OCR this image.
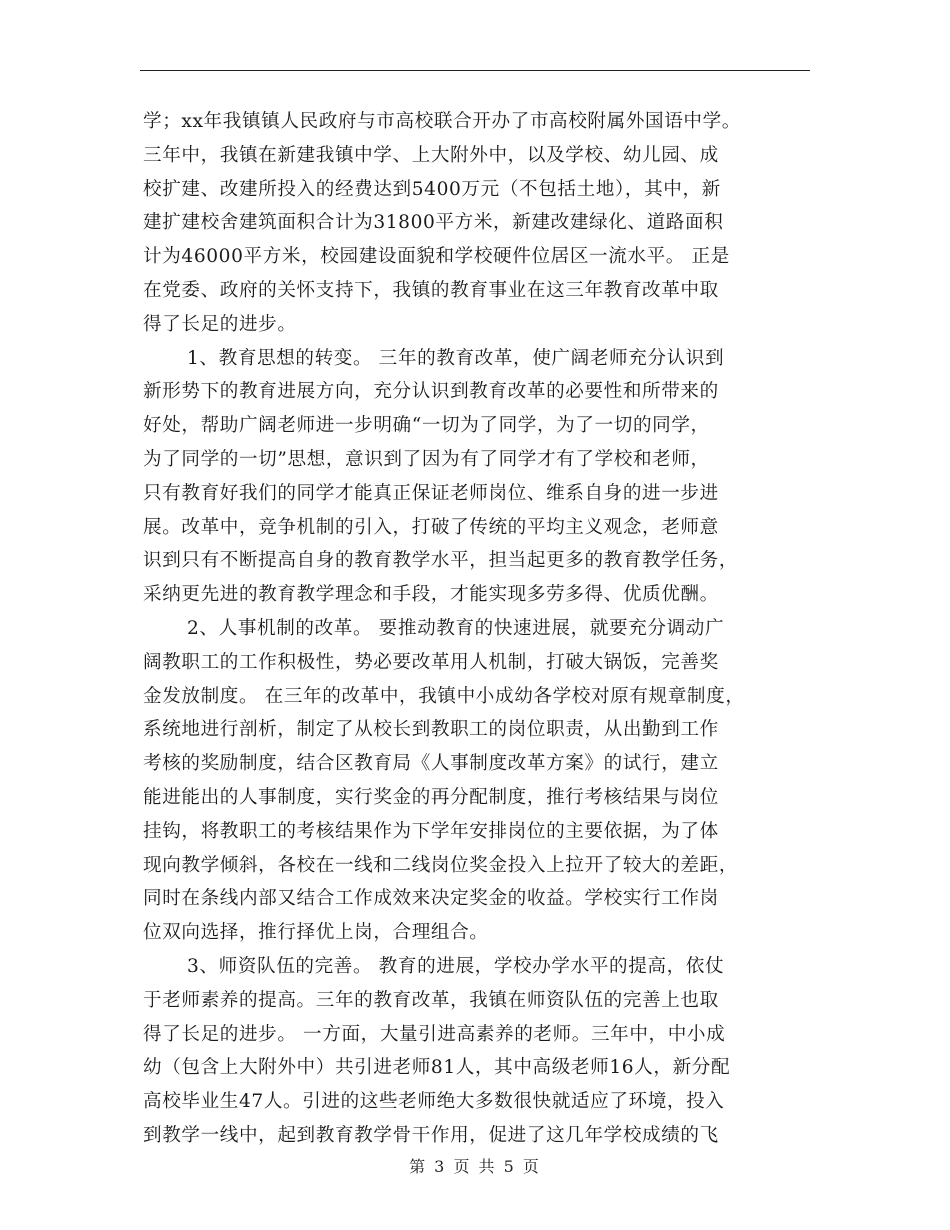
学；xx年我镇镇人民政府与市高校联合开办了市高校附属外国语中学。
三年中，我镇在新建我镇中学、上大附外中，以及学校、幼儿园、成
校扩建、改建所投入的经费达到5400万元（不包括土地），其中，新
建扩建校舍建筑面积合计为31800平方米，新建改建绿化、道路面积
计为46000平方米，校园建设面貌和学校硬件位居区一流水平。 正是
在党委、政府的关怀支持下，我镇的教育事业在这三年教育改革中取
得了长足的进步。
1、教育思想的转变。 三年的教育改革，使广阔老师充分认识到
新形势下的教育进展方向，充分认识到教育改革的必要性和所带来的
好处，帮助广阔老师进一步明确“一切为了同学，为了一切的同学，
为了同学的一切”思想，意识到了因为有了同学才有了学校和老师，
只有教育好我们的同学才能真正保证老师岗位、维系自身的进一步进
展。改革中，竞争机制的引入，打破了传统的平均主义观念，老师意
识到只有不断提高自身的教育教学水平，担当起更多的教育教学任务，
采纳更先进的教育教学理念和手段，才能实现多劳多得、优质优酬。
2、人事机制的改革。 要推动教育的快速进展，就要充分调动广
阔教职工的工作积极性，势必要改革用人机制，打破大锅饭，完善奖
金发放制度。 在三年的改革中，我镇中小成幼各学校对原有规章制度，
系统地进行剖析，制定了从校长到教职工的岗位职责，从出勤到工作
考核的奖励制度，结合区教育局《人事制度改革方案》的试行，建立
能进能出的人事制度，实行奖金的再分配制度，推行考核结果与岗位
挂钩，将教职工的考核结果作为下学年安排岗位的主要依据，为了体
现向教学倾斜，各校在一线和二线岗位奖金投入上拉开了较大的差距，
同时在条线内部又结合工作成效来决定奖金的收益。学校实行工作岗
位双向选择，推行择优上岗，合理组合。
3、师资队伍的完善。 教育的进展，学校办学水平的提高，依仗
于老师素养的提高。三年的教育改革，我镇在师资队伍的完善上也取
得了长足的进步。 一方面，大量引进高素养的老师。三年中，中小成
幼（包含上大附外中）共引进老师81人，其中高级老师16人，新分配
高校毕业生47人。引进的这些老师绝大多数很快就适应了环境，投入
到教学一线中，起到教育教学骨干作用，促进了这几年学校成绩的飞
第 3 页 共 5 页
